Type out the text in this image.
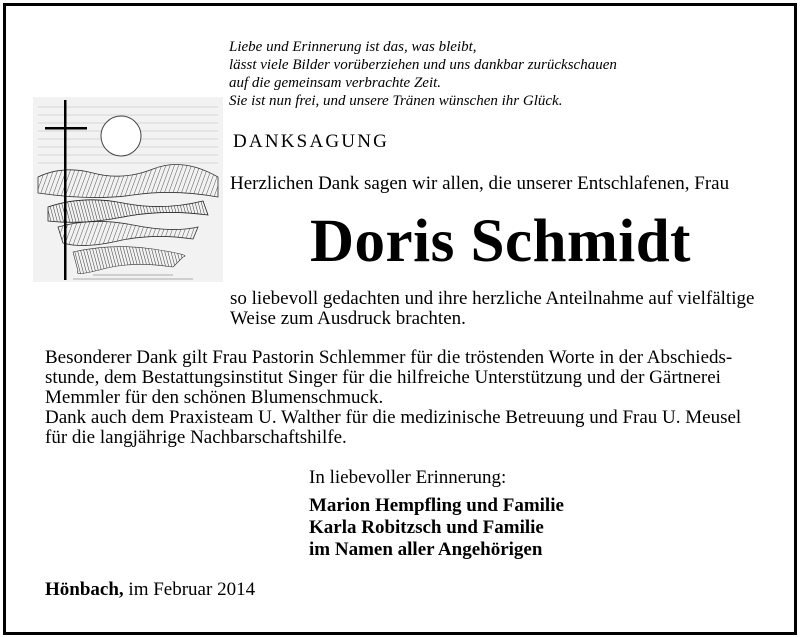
Liebe und Erinnerung ist das, was bleibt,
lässt viele Bilder vorüberziehen und uns dankbar zurückschauen
auf die gemeinsam verbrachte Zeit.
Sie ist nun frei, und unsere Tränen wünschen ihr Glück.
DANKSAGUNG
Herzlichen Dank sagen wir allen, die unserer Entschlafenen, Frau
Doris Schmidt
so liebevoll gedachten und ihre herzliche Anteilnahme auf vielfältige
Weise zum Ausdruck brachten.
Besonderer Dank gilt Frau Pastorin Schlemmer für die tröstenden Worte in der Abschieds-
stunde, dem Bestattungsinstitut Singer für die hilfreiche Unterstützung und der Gärtnerei
Memmler für den schönen Blumenschmuck.
Dank auch dem Praxisteam U. Walther für die medizinische Betreuung und Frau U. Meusel
für die langjährige Nachbarschaftshilfe.
In liebevoller Erinnerung:
Marion Hempfling und Familie
Karla Robitzsch und Familie
im Namen aller Angehörigen
Hönbach, im Februar 2014
